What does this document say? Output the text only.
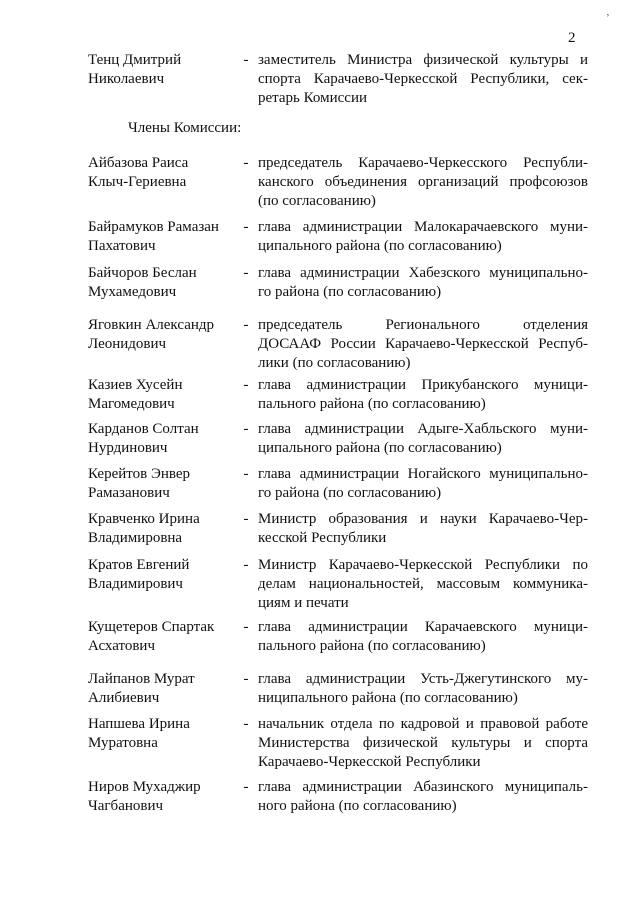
’
2
Тенц Дмитрий
Николаевич
- заместитель Министра физической культуры и
спорта Карачаево-Черкесской Республики, сек-
ретарь Комиссии
Члены Комиссии:
Айбазова Раиса
Клыч-Гериевна
- председатель Карачаево-Черкесского Республи-
канского объединения организаций профсоюзов
(по согласованию)
Байрамуков Рамазан
Пахатович
- глава администрации Малокарачаевского муни-
ципального района (по согласованию)
Байчоров Беслан
Мухамедович
- глава администрации Хабезского муниципально-
го района (по согласованию)
Яговкин Александр
Леонидович
- председатель Регионального отделения
ДОСААФ России Карачаево-Черкесской Респуб-
лики (по согласованию)
Казиев Хусейн
Магомедович
- глава администрации Прикубанского муници-
пального района (по согласованию)
Карданов Солтан
Нурдинович
- глава администрации Адыге-Хабльского муни-
ципального района (по согласованию)
Керейтов Энвер
Рамазанович
- глава администрации Ногайского муниципально-
го района (по согласованию)
Кравченко Ирина
Владимировна
- Министр образования и науки Карачаево-Чер-
кесской Республики
Кратов Евгений
Владимирович
- Министр Карачаево-Черкесской Республики по
делам национальностей, массовым коммуника-
циям и печати
Кущетеров Спартак
Асхатович
- глава администрации Карачаевского муници-
пального района (по согласованию)
Лайпанов Мурат
Алибиевич
- глава администрации Усть-Джегутинского му-
ниципального района (по согласованию)
Напшева Ирина
Муратовна
- начальник отдела по кадровой и правовой работе
Министерства физической культуры и спорта
Карачаево-Черкесской Республики
Ниров Мухаджир
Чагбанович
- глава администрации Абазинского муниципаль-
ного района (по согласованию)
